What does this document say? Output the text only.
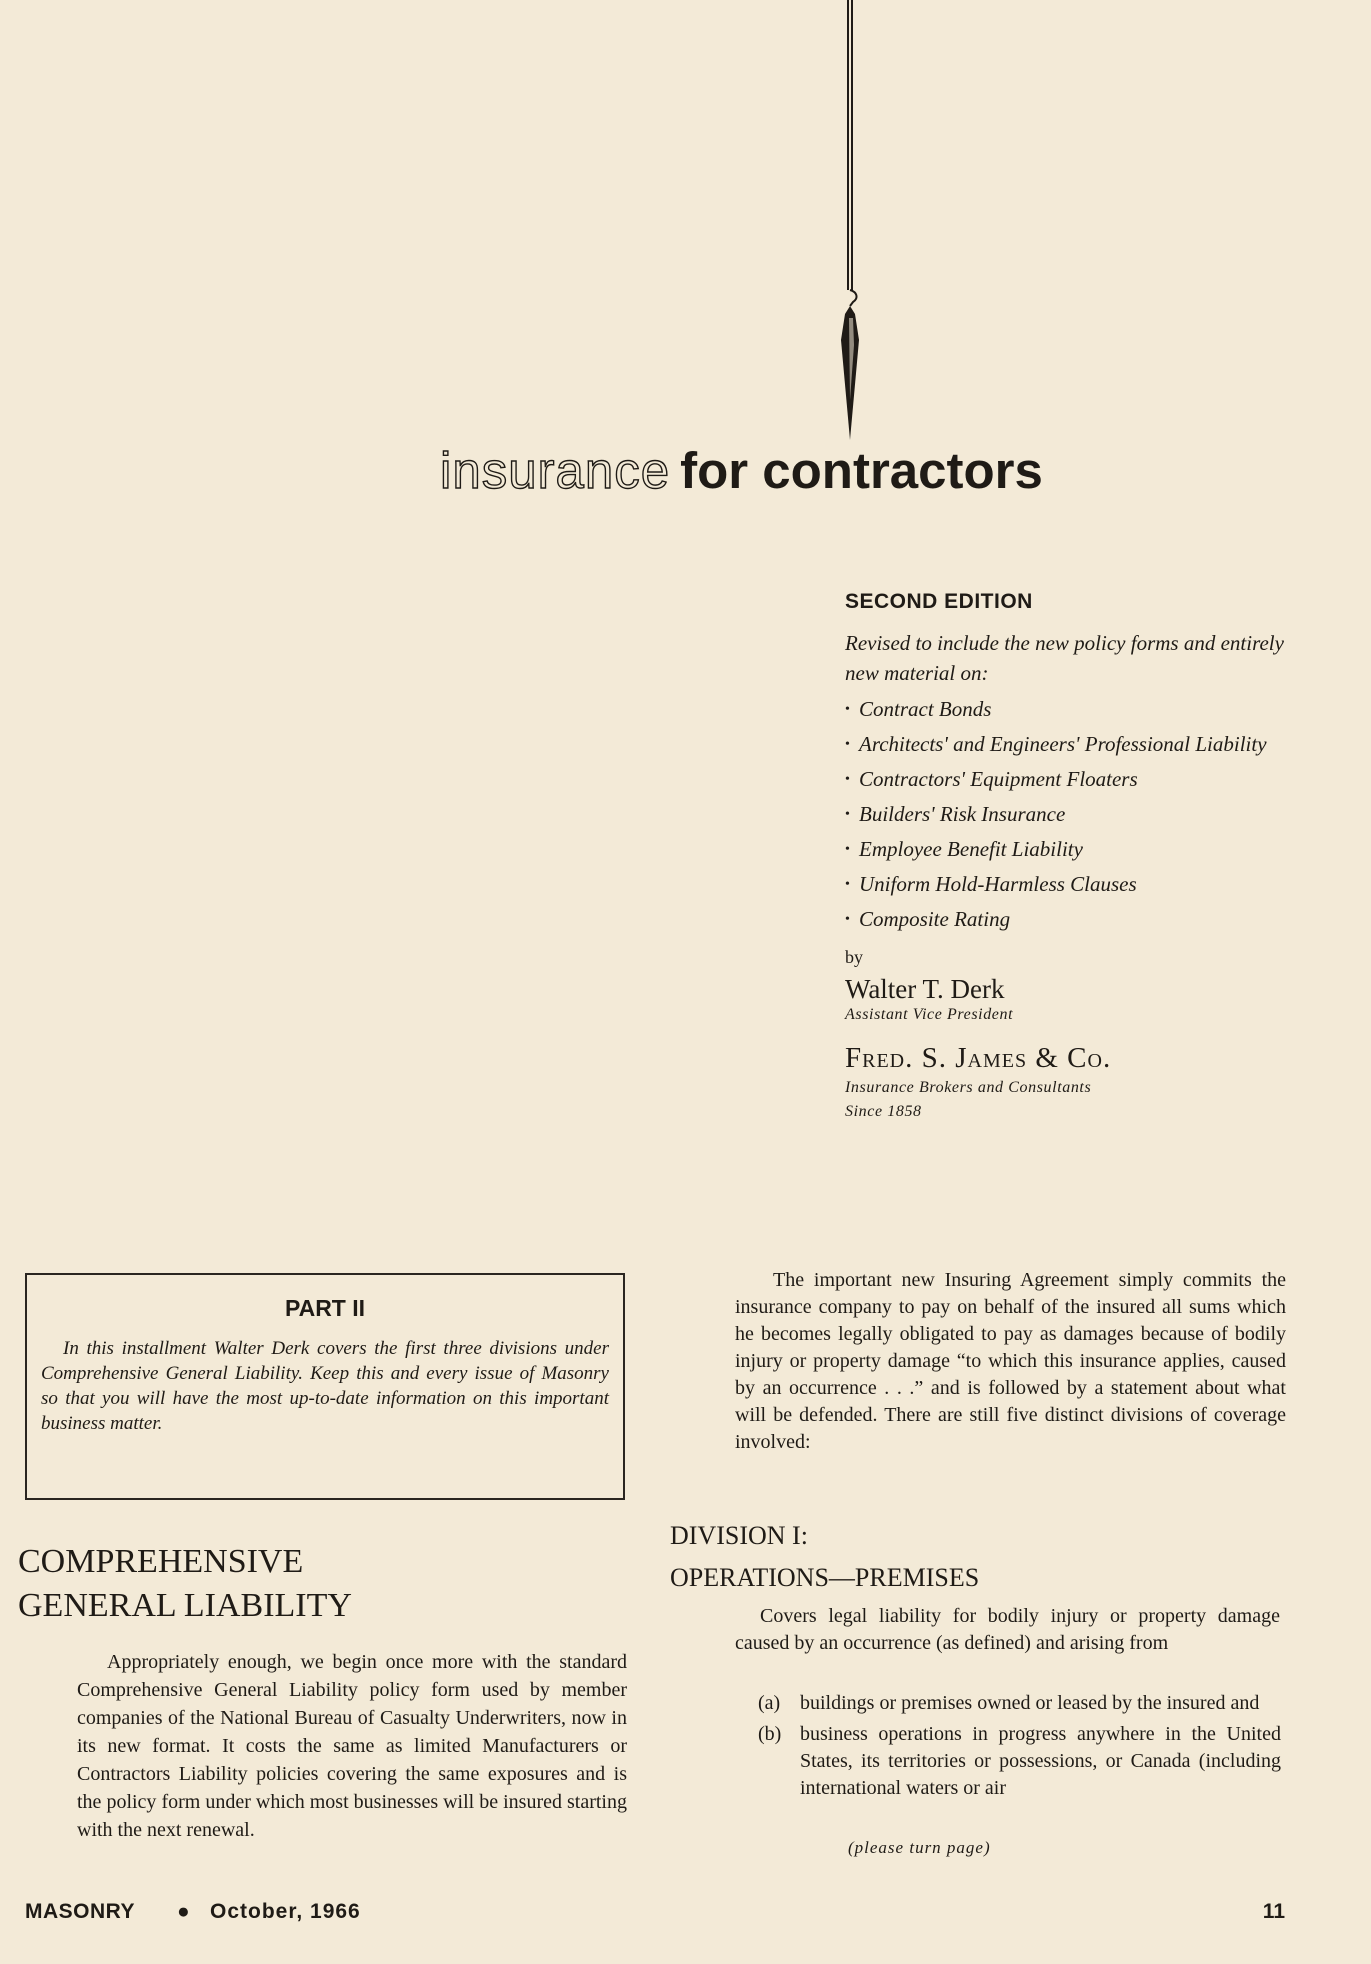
insurance for contractors

SECOND EDITION

Revised to include the new policy forms and entirely new material on:

• Contract Bonds
• Architects' and Engineers' Professional Liability
• Contractors' Equipment Floaters
• Builders' Risk Insurance
• Employee Benefit Liability
• Uniform Hold-Harmless Clauses
• Composite Rating

by

Walter T. Derk

Assistant Vice President

Fred. S. James & Co.

Insurance Brokers and Consultants

Since 1858

PART II

In this installment Walter Derk covers the first three divisions under Comprehensive General Liability. Keep this and every issue of Masonry so that you will have the most up-to-date information on this important business matter.

COMPREHENSIVE
GENERAL LIABILITY

Appropriately enough, we begin once more with the standard Comprehensive General Liability policy form used by member companies of the National Bureau of Casualty Underwriters, now in its new format. It costs the same as limited Manufacturers or Contractors Liability policies covering the same exposures and is the policy form under which most businesses will be insured starting with the next renewal.

The important new Insuring Agreement simply commits the insurance company to pay on behalf of the insured all sums which he becomes legally obligated to pay as damages because of bodily injury or property damage “to which this insurance applies, caused by an occurrence . . .” and is followed by a statement about what will be defended. There are still five distinct divisions of coverage involved:

DIVISION I:
OPERATIONS—PREMISES

Covers legal liability for bodily injury or property damage caused by an occurrence (as defined) and arising from

(a) buildings or premises owned or leased by the insured and
(b) business operations in progress anywhere in the United States, its territories or possessions, or Canada (including international waters or air
(please turn page)
MASONRY ● October, 1966	11
